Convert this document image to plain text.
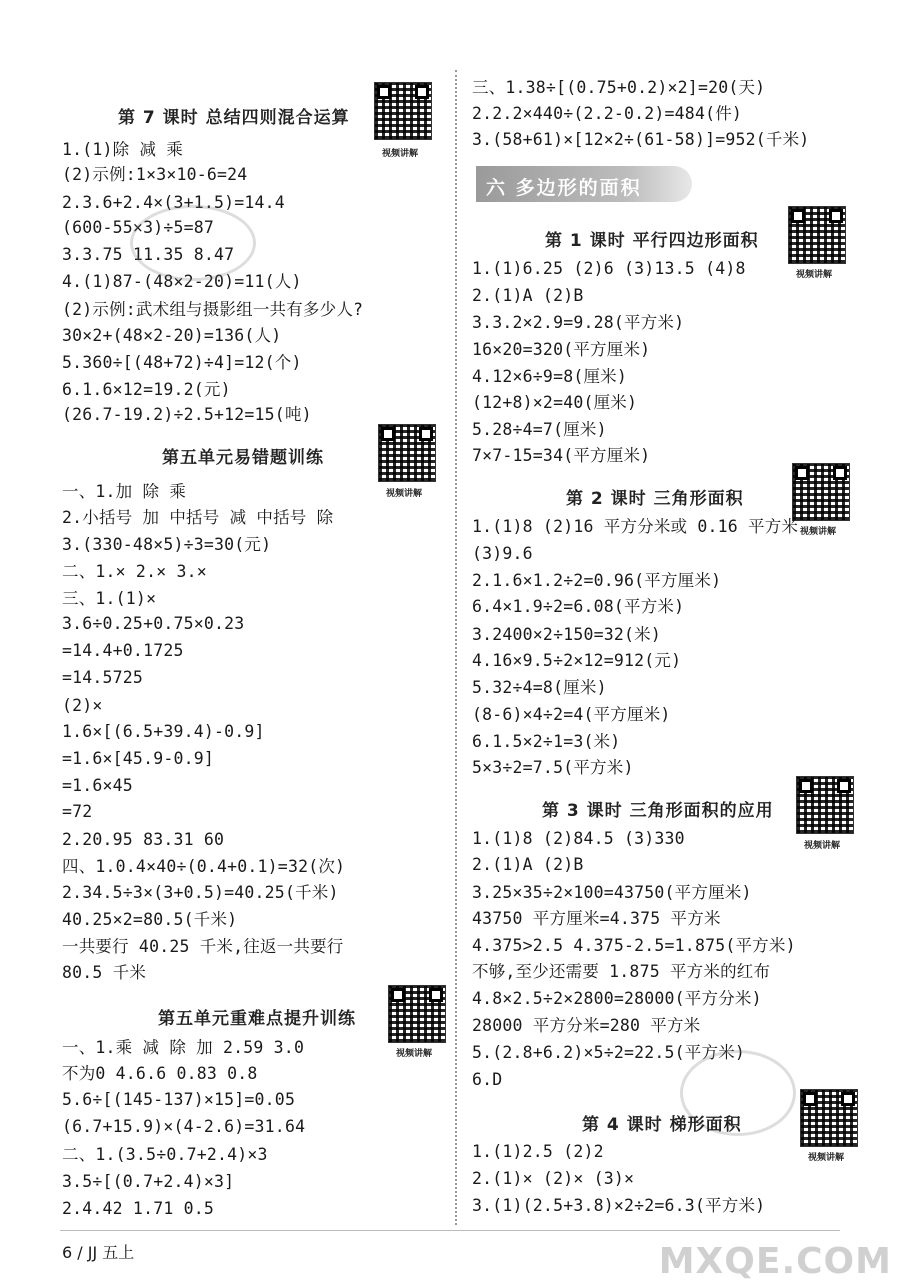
第 7 课时 总结四则混合运算
视频讲解
1.(1)除 减 乘
(2)示例:1×3×10-6=24
2.3.6+2.4×(3+1.5)=14.4
(600-55×3)÷5=87
3.3.75 11.35 8.47
4.(1)87-(48×2-20)=11(人)
(2)示例:武术组与摄影组一共有多少人?
30×2+(48×2-20)=136(人)
5.360÷[(48+72)÷4]=12(个)
6.1.6×12=19.2(元)
(26.7-19.2)÷2.5+12=15(吨)
第五单元易错题训练
视频讲解
一、1.加 除 乘
2.小括号 加 中括号 减 中括号 除
3.(330-48×5)÷3=30(元)
二、1.× 2.× 3.×
三、1.(1)×
3.6÷0.25+0.75×0.23
=14.4+0.1725
=14.5725
(2)×
1.6×[(6.5+39.4)-0.9]
=1.6×[45.9-0.9]
=1.6×45
=72
2.20.95 83.31 60
四、1.0.4×40÷(0.4+0.1)=32(次)
2.34.5÷3×(3+0.5)=40.25(千米)
40.25×2=80.5(千米)
一共要行 40.25 千米,往返一共要行
80.5 千米
第五单元重难点提升训练
视频讲解
一、1.乘 减 除 加 2.59 3.0
不为0 4.6.6 0.83 0.8
5.6÷[(145-137)×15]=0.05
(6.7+15.9)×(4-2.6)=31.64
二、1.(3.5÷0.7+2.4)×3
3.5÷[(0.7+2.4)×3]
2.4.42 1.71 0.5
三、1.38÷[(0.75+0.2)×2]=20(天)
2.2.2×440÷(2.2-0.2)=484(件)
3.(58+61)×[12×2÷(61-58)]=952(千米)
六 多边形的面积
第 1 课时 平行四边形面积
视频讲解
1.(1)6.25 (2)6 (3)13.5 (4)8
2.(1)A (2)B
3.3.2×2.9=9.28(平方米)
16×20=320(平方厘米)
4.12×6÷9=8(厘米)
(12+8)×2=40(厘米)
5.28÷4=7(厘米)
7×7-15=34(平方厘米)
第 2 课时 三角形面积
视频讲解
1.(1)8 (2)16 平方分米或 0.16 平方米
(3)9.6
2.1.6×1.2÷2=0.96(平方厘米)
6.4×1.9÷2=6.08(平方米)
3.2400×2÷150=32(米)
4.16×9.5÷2×12=912(元)
5.32÷4=8(厘米)
(8-6)×4÷2=4(平方厘米)
6.1.5×2÷1=3(米)
5×3÷2=7.5(平方米)
第 3 课时 三角形面积的应用
视频讲解
1.(1)8 (2)84.5 (3)330
2.(1)A (2)B
3.25×35÷2×100=43750(平方厘米)
43750 平方厘米=4.375 平方米
4.375>2.5 4.375-2.5=1.875(平方米)
不够,至少还需要 1.875 平方米的红布
4.8×2.5÷2×2800=28000(平方分米)
28000 平方分米=280 平方米
5.(2.8+6.2)×5÷2=22.5(平方米)
6.D
第 4 课时 梯形面积
视频讲解
1.(1)2.5 (2)2
2.(1)× (2)× (3)×
3.(1)(2.5+3.8)×2÷2=6.3(平方米)
6 / JJ 五上	MXQE.COM
